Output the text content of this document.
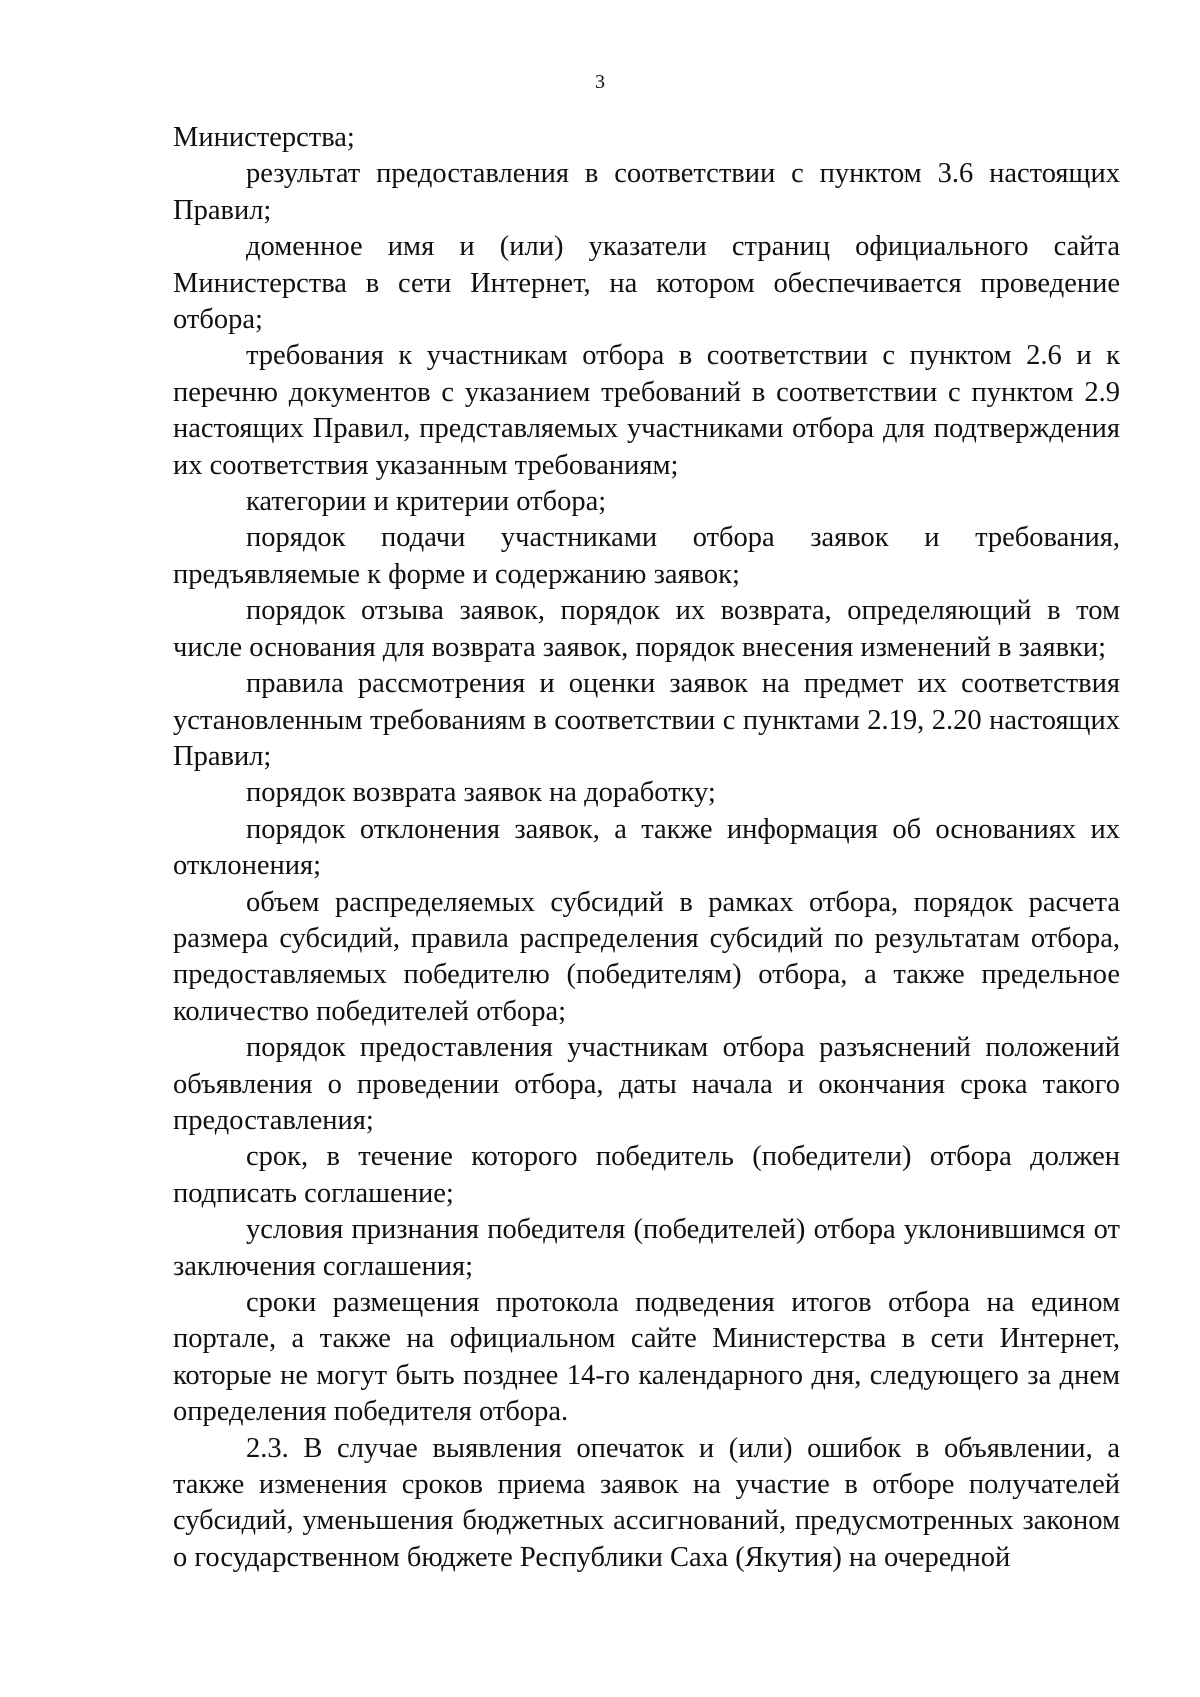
3

Министерства;

результат предоставления в соответствии с пунктом 3.6 настоящих Правил;

доменное имя и (или) указатели страниц официального сайта Министерства в сети Интернет, на котором обеспечивается проведение отбора;

требования к участникам отбора в соответствии с пунктом 2.6 и к перечню документов с указанием требований в соответствии с пунктом 2.9 настоящих Правил, представляемых участниками отбора для подтверждения их соответствия указанным требованиям;

категории и критерии отбора;

порядок подачи участниками отбора заявок и требования, предъявляемые к форме и содержанию заявок;

порядок отзыва заявок, порядок их возврата, определяющий в том числе основания для возврата заявок, порядок внесения изменений в заявки;

правила рассмотрения и оценки заявок на предмет их соответствия установленным требованиям в соответствии с пунктами 2.19, 2.20 настоящих Правил;

порядок возврата заявок на доработку;

порядок отклонения заявок, а также информация об основаниях их отклонения;

объем распределяемых субсидий в рамках отбора, порядок расчета размера субсидий, правила распределения субсидий по результатам отбора, предоставляемых победителю (победителям) отбора, а также предельное количество победителей отбора;

порядок предоставления участникам отбора разъяснений положений объявления о проведении отбора, даты начала и окончания срока такого предоставления;

срок, в течение которого победитель (победители) отбора должен подписать соглашение;

условия признания победителя (победителей) отбора уклонившимся от заключения соглашения;

сроки размещения протокола подведения итогов отбора на едином портале, а также на официальном сайте Министерства в сети Интернет, которые не могут быть позднее 14-го календарного дня, следующего за днем определения победителя отбора.

2.3. В случае выявления опечаток и (или) ошибок в объявлении, а также изменения сроков приема заявок на участие в отборе получателей субсидий, уменьшения бюджетных ассигнований, предусмотренных законом о государственном бюджете Республики Саха (Якутия) на очередной
